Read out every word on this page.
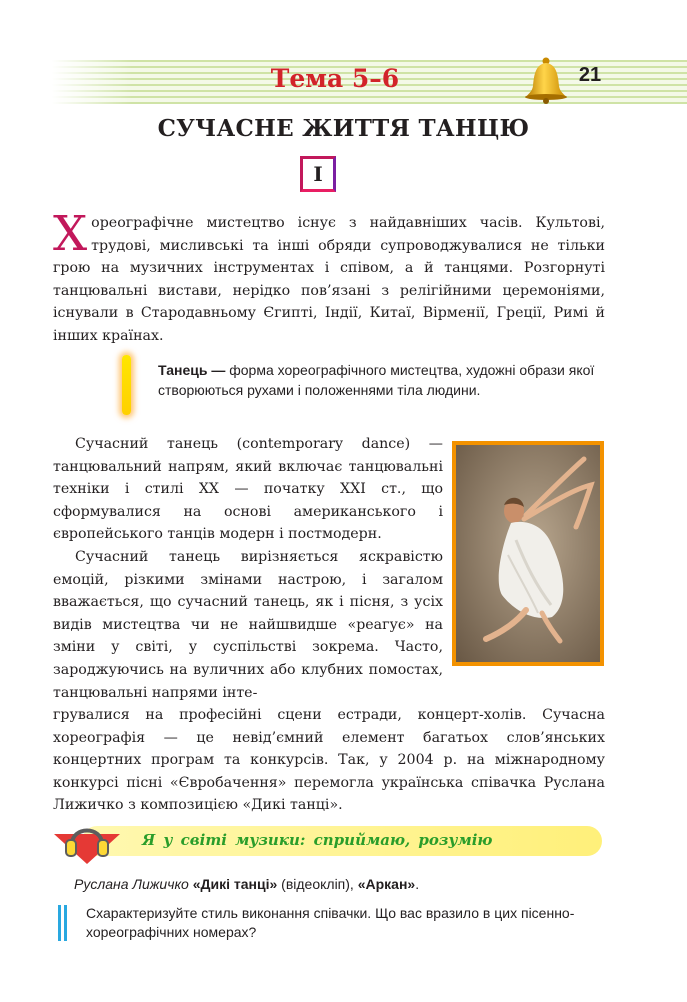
Тема 5–6	21
СУЧАСНЕ ЖИТТЯ ТАНЦЮ
І
Хореографічне мистецтво існує з найдавніших часів. Культові, трудові, мисливські та інші обряди супроводжувалися не тільки грою на музичних інструментах і співом, а й танцями. Розгорнуті танцювальні вистави, нерідко пов’язані з релігійними церемоніями, існували в Стародавньому Єгипті, Індії, Китаї, Вірменії, Греції, Римі й інших країнах.
Танець — форма хореографічного мистецтва, художні образи якої створюються рухами і положеннями тіла людини.
Сучасний танець (contemporary dance) — танцювальний напрям, який включає танцювальні техніки і стилі XX — початку XXI ст., що сформувалися на основі американського і європейського танців модерн і постмодерн.
Сучасний танець вирізняється яскравістю емоцій, різкими змінами настрою, і загалом вважається, що сучасний танець, як і пісня, з усіх видів мистецтва чи не найшвидше «реагує» на зміни у світі, у суспільстві зокрема. Часто, зароджуючись на вуличних або клубних помостах, танцювальні напрями інте-
грувалися на професійні сцени естради, концерт-холів. Сучасна хореографія — це невід’ємний елемент багатьох слов’янських концертних програм та конкурсів. Так, у 2004 р. на міжнародному конкурсі пісні «Євробачення» перемогла українська співачка Руслана Лижичко з композицією «Дикі танці».
Я у світі музики: сприймаю, розумію
Руслана Лижичко «Дикі танці» (відеокліп), «Аркан».
Схарактеризуйте стиль виконання співачки. Що вас вразило в цих пісенно-хореографічних номерах?
